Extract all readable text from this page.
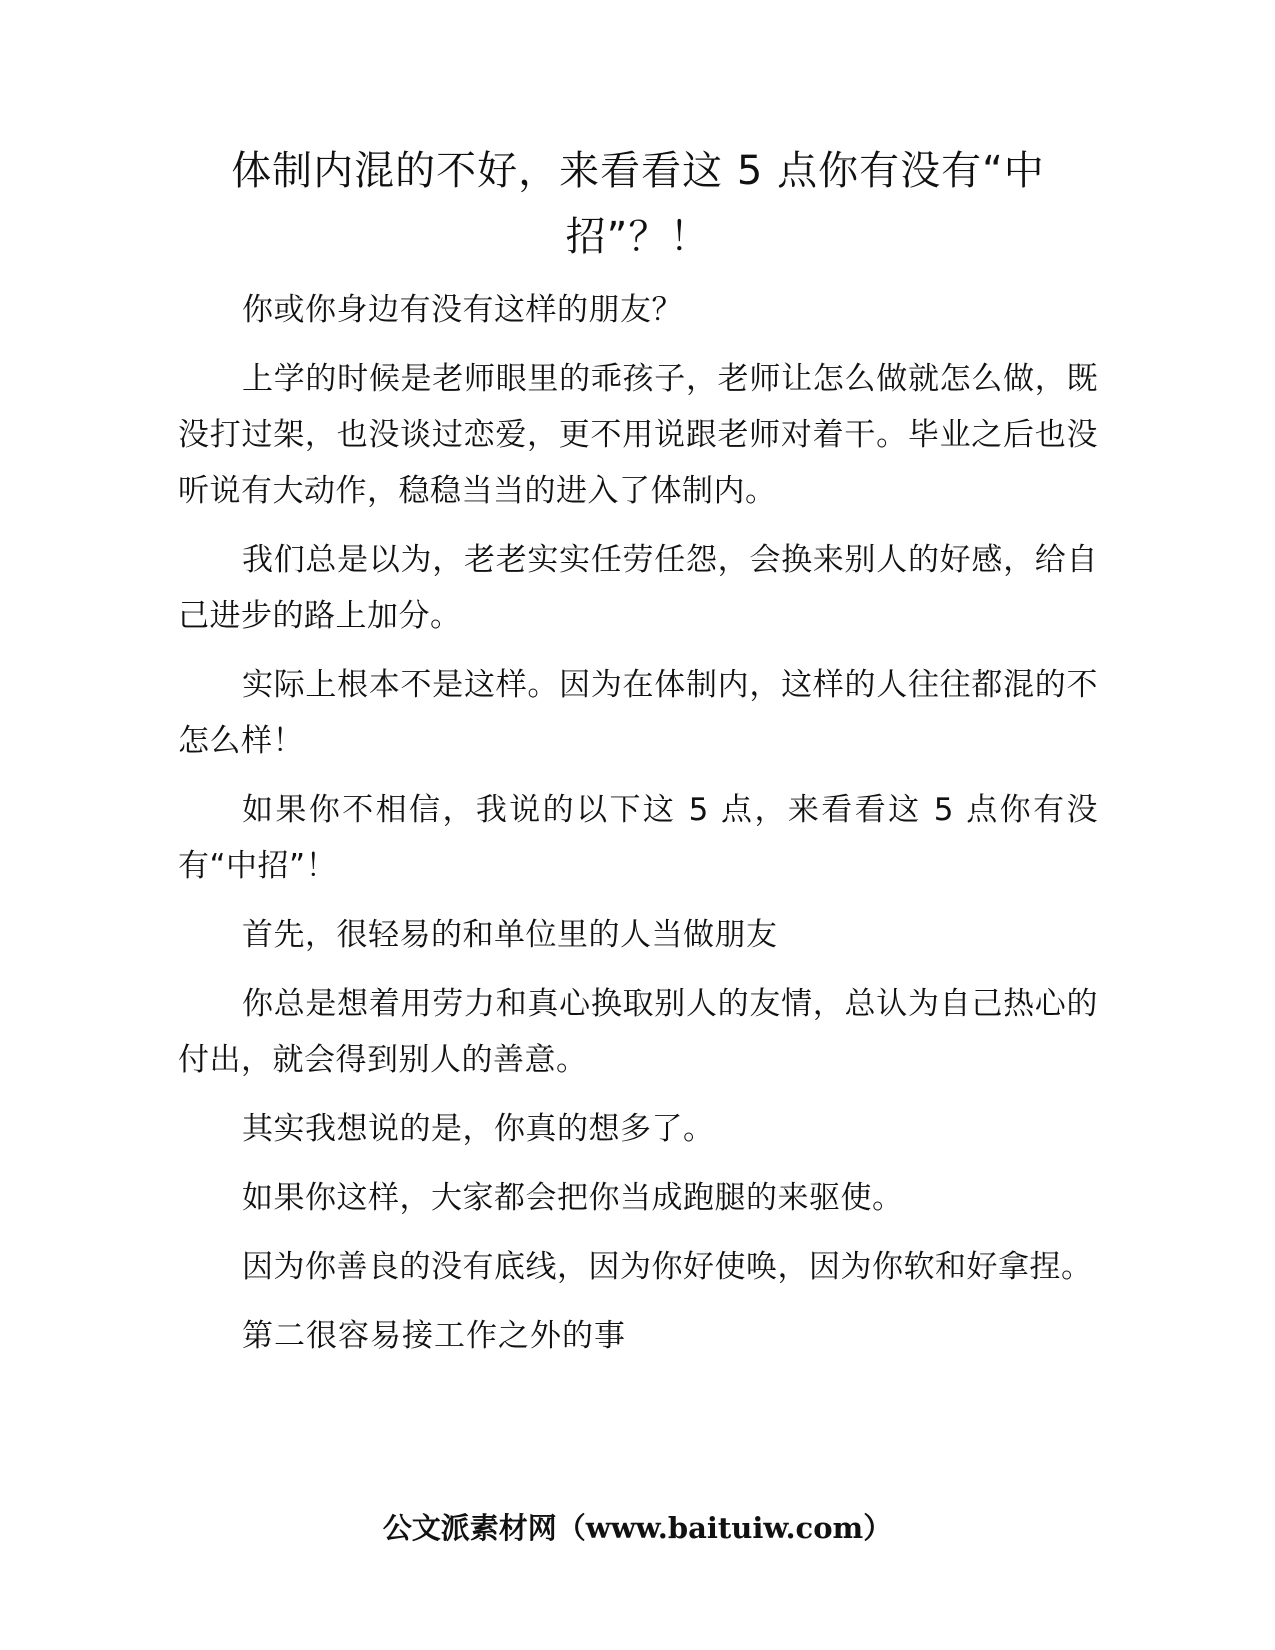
体制内混的不好，来看看这 5 点你有没有“中招”？！

你或你身边有没有这样的朋友？

上学的时候是老师眼里的乖孩子，老师让怎么做就怎么做，既没打过架，也没谈过恋爱，更不用说跟老师对着干。毕业之后也没听说有大动作，稳稳当当的进入了体制内。

我们总是以为，老老实实任劳任怨，会换来别人的好感，给自己进步的路上加分。

实际上根本不是这样。因为在体制内，这样的人往往都混的不怎么样！

如果你不相信，我说的以下这 5 点，来看看这 5 点你有没有“中招”！

首先，很轻易的和单位里的人当做朋友

你总是想着用劳力和真心换取别人的友情，总认为自己热心的付出，就会得到别人的善意。

其实我想说的是，你真的想多了。

如果你这样，大家都会把你当成跑腿的来驱使。

因为你善良的没有底线，因为你好使唤，因为你软和好拿捏。

第二很容易接工作之外的事

公文派素材网（www.baituiw.com）
